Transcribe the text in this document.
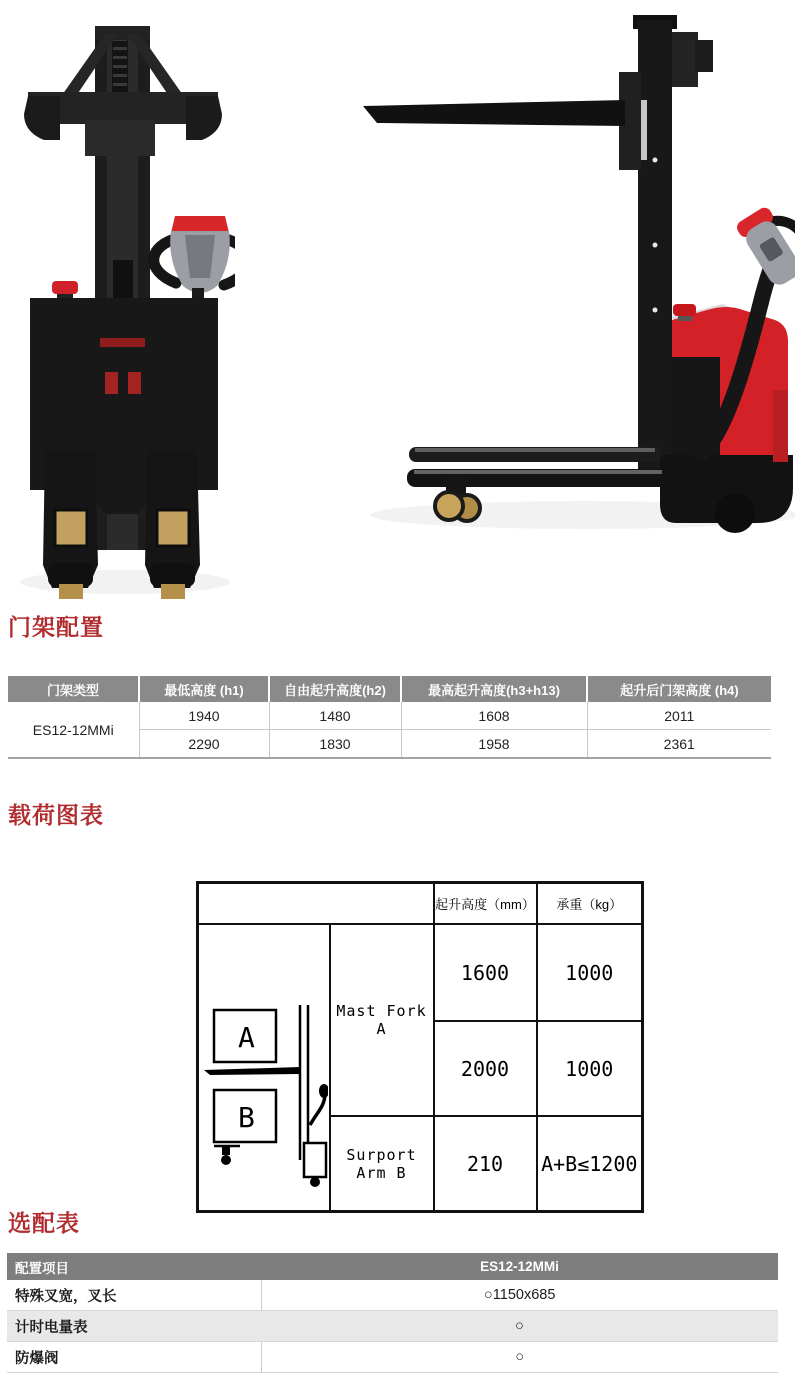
门架配置
门架类型	最低高度 (h1)	自由起升高度(h2)	最高起升高度(h3+h13)	起升后门架高度 (h4)
ES12-12MMi	1940	1480	1608	2011
	2290	1830	1958	2361
载荷图表
		起升高度（mm）	承重（kg）

A
B	Mast Fork A	1600	1000
		2000	1000
	Surport Arm B	210	A+B≤1200
选配表
配置项目	ES12-12MMi
特殊叉宽，叉长	○1150x685
计时电量表	○
防爆阀	○
